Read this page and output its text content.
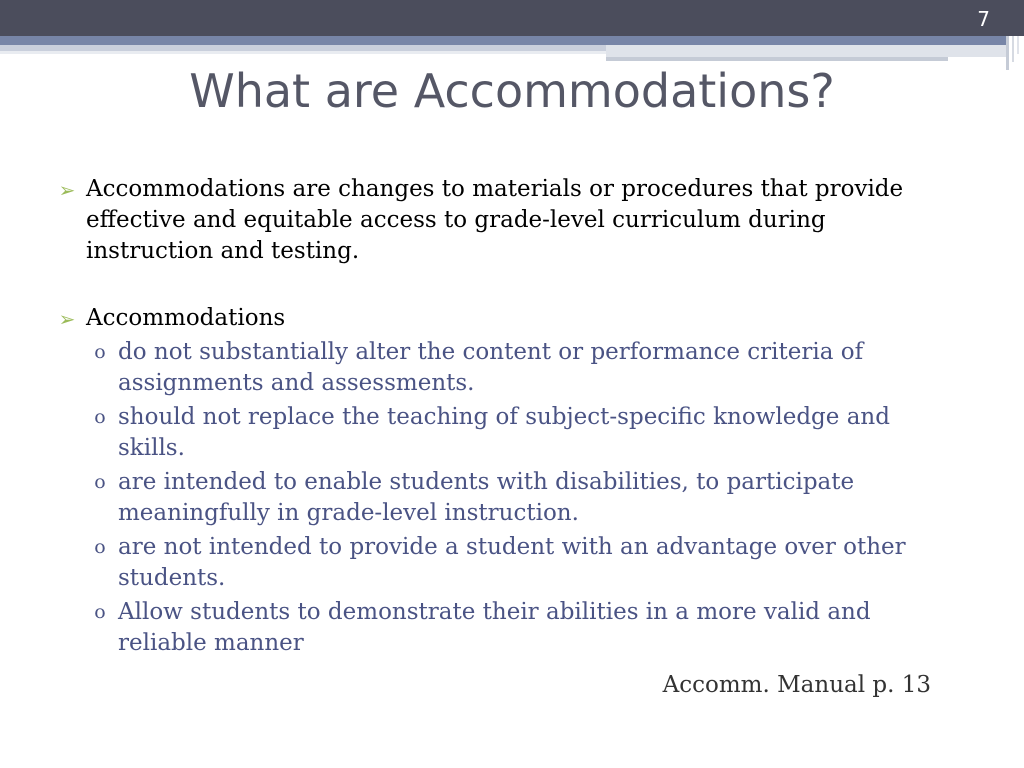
7
What are Accommodations?
➢ Accommodations are changes to materials or procedures that provide effective and equitable access to grade-level curriculum during instruction and testing.
➢ Accommodations
o do not substantially alter the content or performance criteria of assignments and assessments.
o should not replace the teaching of subject-specific knowledge and skills.
o are intended to enable students with disabilities, to participate meaningfully in grade-level instruction.
o are not intended to provide a student with an advantage over other students.
o Allow students to demonstrate their abilities in a more valid and reliable manner
Accomm. Manual p. 13
